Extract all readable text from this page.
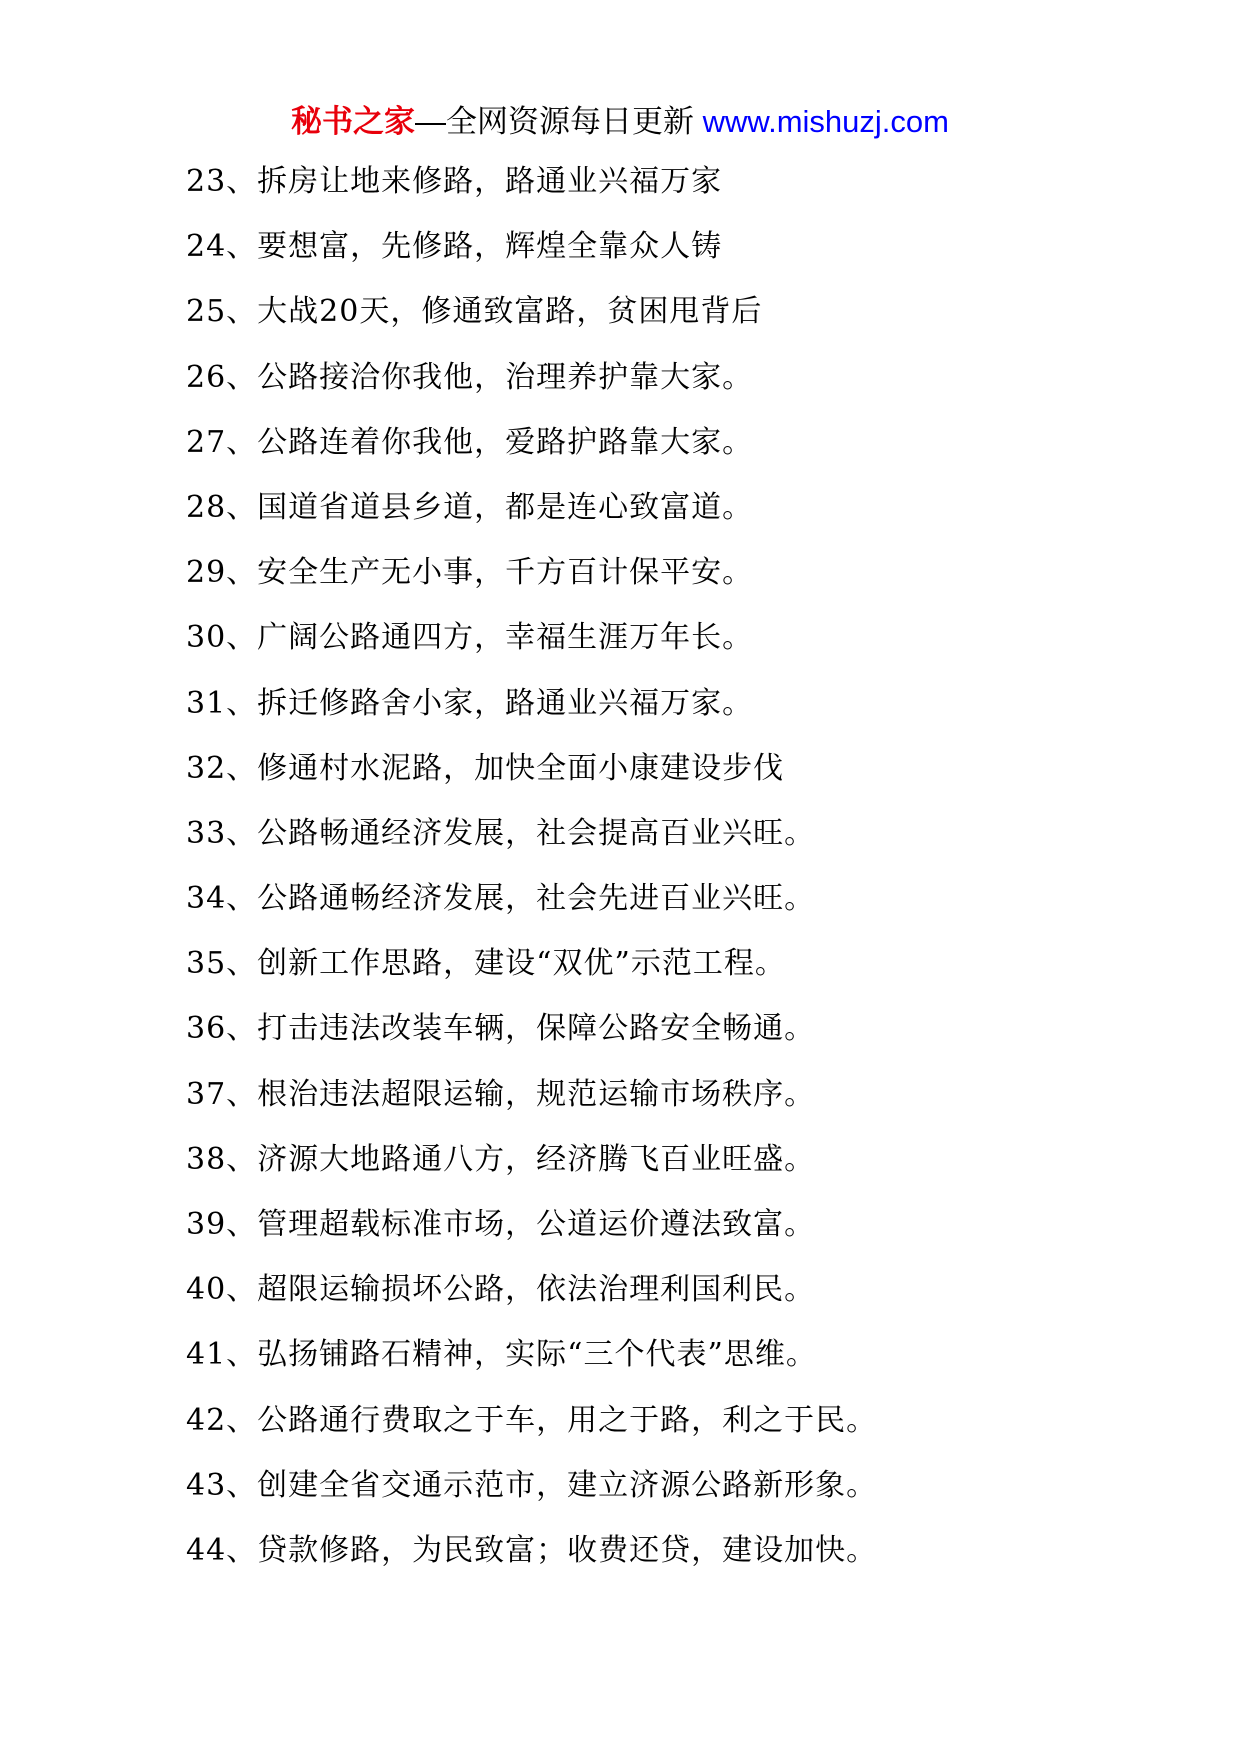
秘书之家—全网资源每日更新 www.mishuzj.com
23、拆房让地来修路，路通业兴福万家
24、要想富，先修路，辉煌全靠众人铸
25、大战20天，修通致富路，贫困甩背后
26、公路接洽你我他，治理养护靠大家。
27、公路连着你我他，爱路护路靠大家。
28、国道省道县乡道，都是连心致富道。
29、安全生产无小事，千方百计保平安。
30、广阔公路通四方，幸福生涯万年长。
31、拆迁修路舍小家，路通业兴福万家。
32、修通村水泥路，加快全面小康建设步伐
33、公路畅通经济发展，社会提高百业兴旺。
34、公路通畅经济发展，社会先进百业兴旺。
35、创新工作思路，建设“双优”示范工程。
36、打击违法改装车辆，保障公路安全畅通。
37、根治违法超限运输，规范运输市场秩序。
38、济源大地路通八方，经济腾飞百业旺盛。
39、管理超载标准市场，公道运价遵法致富。
40、超限运输损坏公路，依法治理利国利民。
41、弘扬铺路石精神，实际“三个代表”思维。
42、公路通行费取之于车，用之于路，利之于民。
43、创建全省交通示范市，建立济源公路新形象。
44、贷款修路，为民致富；收费还贷，建设加快。
